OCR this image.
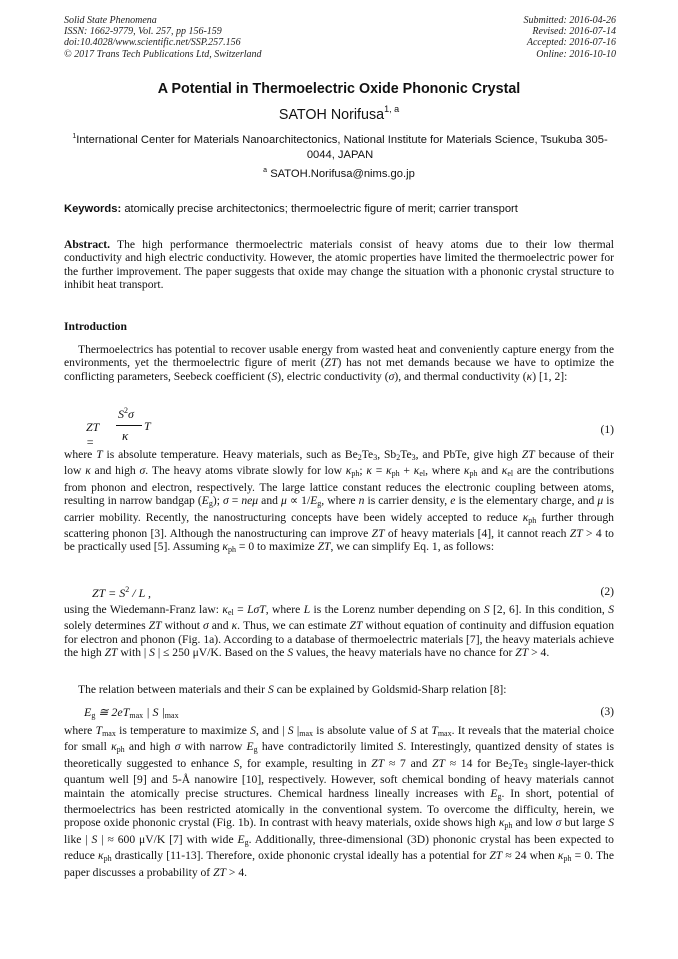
Solid State Phenomena
ISSN: 1662-9779, Vol. 257, pp 156-159
doi:10.4028/www.scientific.net/SSP.257.156
© 2017 Trans Tech Publications Ltd, Switzerland
Submitted: 2016-04-26
Revised: 2016-07-14
Accepted: 2016-07-16
Online: 2016-10-10
A Potential in Thermoelectric Oxide Phononic Crystal
SATOH Norifusa$^{1, a}$
$^1$International Center for Materials Nanoarchitectonics, National Institute for Materials Science, Tsukuba 305-0044, JAPAN
$^a$ SATOH.Norifusa@nims.go.jp
Keywords: atomically precise architectonics; thermoelectric figure of merit; carrier transport
Abstract. The high performance thermoelectric materials consist of heavy atoms due to their low thermal conductivity and high electric conductivity. However, the atomic properties have limited the thermoelectric power for the further improvement. The paper suggests that oxide may change the situation with a phononic crystal structure to inhibit heat transport.
Introduction
Thermoelectrics has potential to recover usable energy from wasted heat and conveniently capture energy from the environments, yet the thermoelectric figure of merit (ZT) has not met demands because we have to optimize the conflicting parameters, Seebeck coefficient (S), electric conductivity (σ), and thermal conductivity (κ) [1, 2]:
ZT =
$S^2\sigma$
κ
T	(1)
where T is absolute temperature. Heavy materials, such as $Be_2Te_3$, $Sb_2Te_3$, and PbTe, give high ZT because of their low κ and high σ. The heavy atoms vibrate slowly for low $\kappa_{ph}$; $\kappa = \kappa_{ph} + \kappa_{el}$, where $\kappa_{ph}$ and $\kappa_{el}$ are the contributions from phonon and electron, respectively. The large lattice constant reduces the electronic coupling between atoms, resulting in narrow bandgap $(E_g)$; σ = neμ and $\mu \propto 1/E_g$, where n is carrier density, e is the elementary charge, and μ is carrier mobility. Recently, the nanostructuring concepts have been widely accepted to reduce $\kappa_{ph}$ further through scattering phonon [3]. Although the nanostructuring can improve ZT of heavy materials [4], it cannot reach ZT > 4 to be practically used [5]. Assuming $\kappa_{ph} = 0$ to maximize ZT, we can simplify Eq. 1, as follows:
ZT = $S^2$ / L ,	(2)
using the Wiedemann-Franz law: $\kappa_{el} = L\sigma T$, where L is the Lorenz number depending on S [2, 6]. In this condition, S solely determines ZT without σ and κ. Thus, we can estimate ZT without equation of continuity and diffusion equation for electron and phonon (Fig. 1a). According to a database of thermoelectric materials [7], the heavy materials achieve the high ZT with | S | ≤ 250 μV/K. Based on the S values, the heavy materials have no chance for ZT > 4.
The relation between materials and their S can be explained by Goldsmid-Sharp relation [8]:
$E_g$ ≅ $2eT_{max}$ | S $|_{max}$	(3)
where $T_{max}$ is temperature to maximize S, and | S $|_{max}$ is absolute value of S at $T_{max}$. It reveals that the material choice for small $\kappa_{ph}$ and high σ with narrow $E_g$ have contradictorily limited S. Interestingly, quantized density of states is theoretically suggested to enhance S, for example, resulting in ZT ≈ 7 and ZT ≈ 14 for $Be_2Te_3$ single-layer-thick quantum well [9] and 5-Å nanowire [10], respectively. However, soft chemical bonding of heavy materials cannot maintain the atomically precise structures. Chemical hardness lineally increases with $E_g$. In short, potential of thermoelectrics has been restricted atomically in the conventional system. To overcome the difficulty, herein, we propose oxide phononic crystal (Fig. 1b). In contrast with heavy materials, oxide shows high $\kappa_{ph}$ and low σ but large S like | S | ≈ 600 μV/K [7] with wide $E_g$. Additionally, three-dimensional (3D) phononic crystal has been expected to reduce $\kappa_{ph}$ drastically [11-13]. Therefore, oxide phononic crystal ideally has a potential for ZT ≈ 24 when $\kappa_{ph} = 0$. The paper discusses a probability of ZT > 4.
